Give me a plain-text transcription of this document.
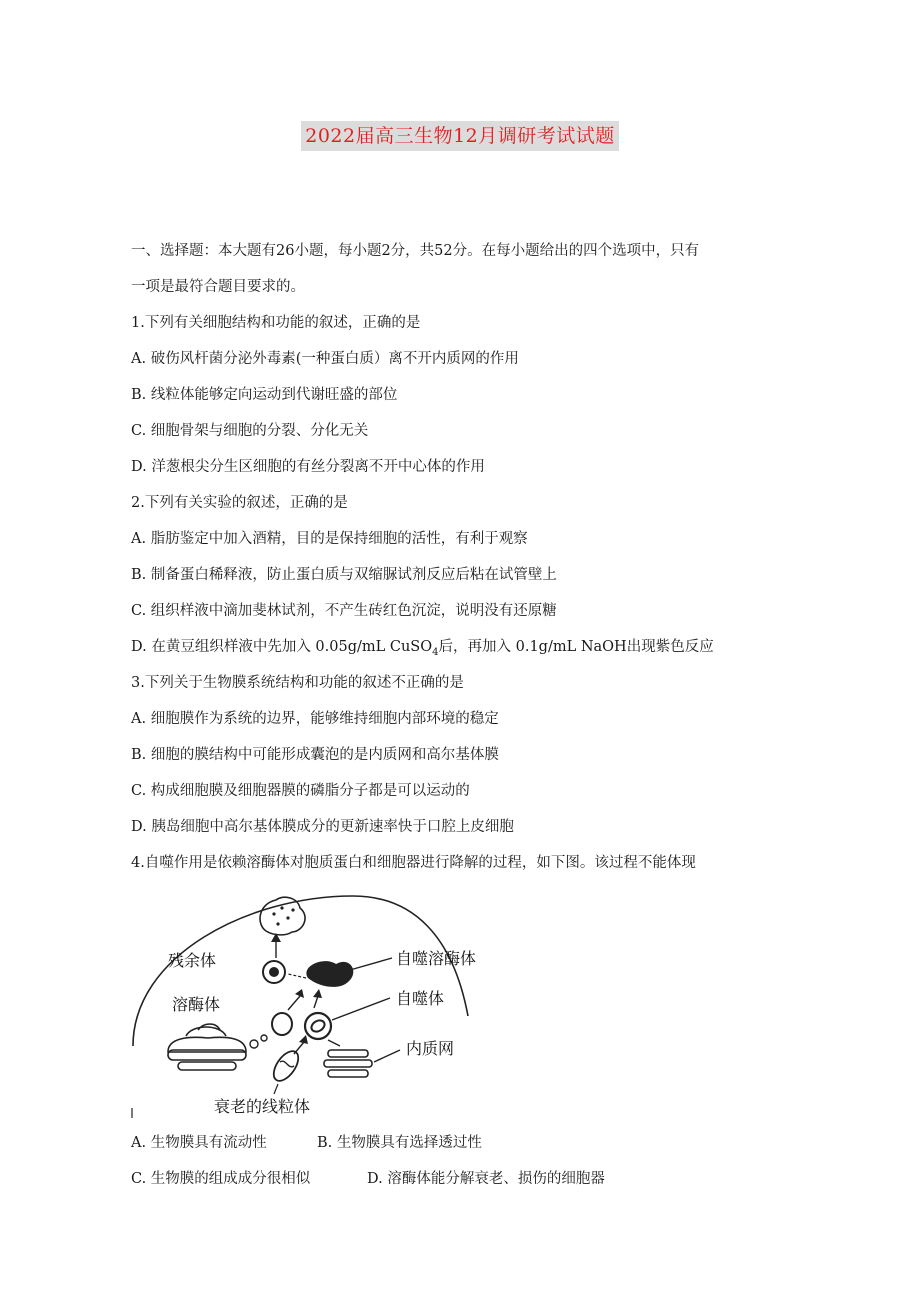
2022届高三生物12月调研考试试题
一、选择题：本大题有26小题，每小题2分，共52分。在每小题给出的四个选项中，只有
一项是最符合题目要求的。
1.下列有关细胞结构和功能的叙述，正确的是
A. 破伤风杆菌分泌外毒素(一种蛋白质）离不开内质网的作用
B. 线粒体能够定向运动到代谢旺盛的部位
C. 细胞骨架与细胞的分裂、分化无关
D. 洋葱根尖分生区细胞的有丝分裂离不开中心体的作用
2.下列有关实验的叙述，正确的是
A. 脂肪鉴定中加入酒精，目的是保持细胞的活性，有利于观察
B. 制备蛋白稀释液，防止蛋白质与双缩脲试剂反应后粘在试管壁上
C. 组织样液中滴加斐林试剂，不产生砖红色沉淀，说明没有还原糖
D. 在黄豆组织样液中先加入 0.05g/mL CuSO$_4$后，再加入 0.1g/mL NaOH出现紫色反应
3.下列关于生物膜系统结构和功能的叙述不正确的是
A. 细胞膜作为系统的边界，能够维持细胞内部环境的稳定
B. 细胞的膜结构中可能形成囊泡的是内质网和高尔基体膜
C. 构成细胞膜及细胞器膜的磷脂分子都是可以运动的
D. 胰岛细胞中高尔基体膜成分的更新速率快于口腔上皮细胞
4.自噬作用是依赖溶酶体对胞质蛋白和细胞器进行降解的过程，如下图。该过程不能体现
残余体	自噬溶酶体
溶酶体	自噬体
内质网
衰老的线粒体
A. 生物膜具有流动性	B. 生物膜具有选择透过性
C. 生物膜的组成成分很相似	D. 溶酶体能分解衰老、损伤的细胞器
